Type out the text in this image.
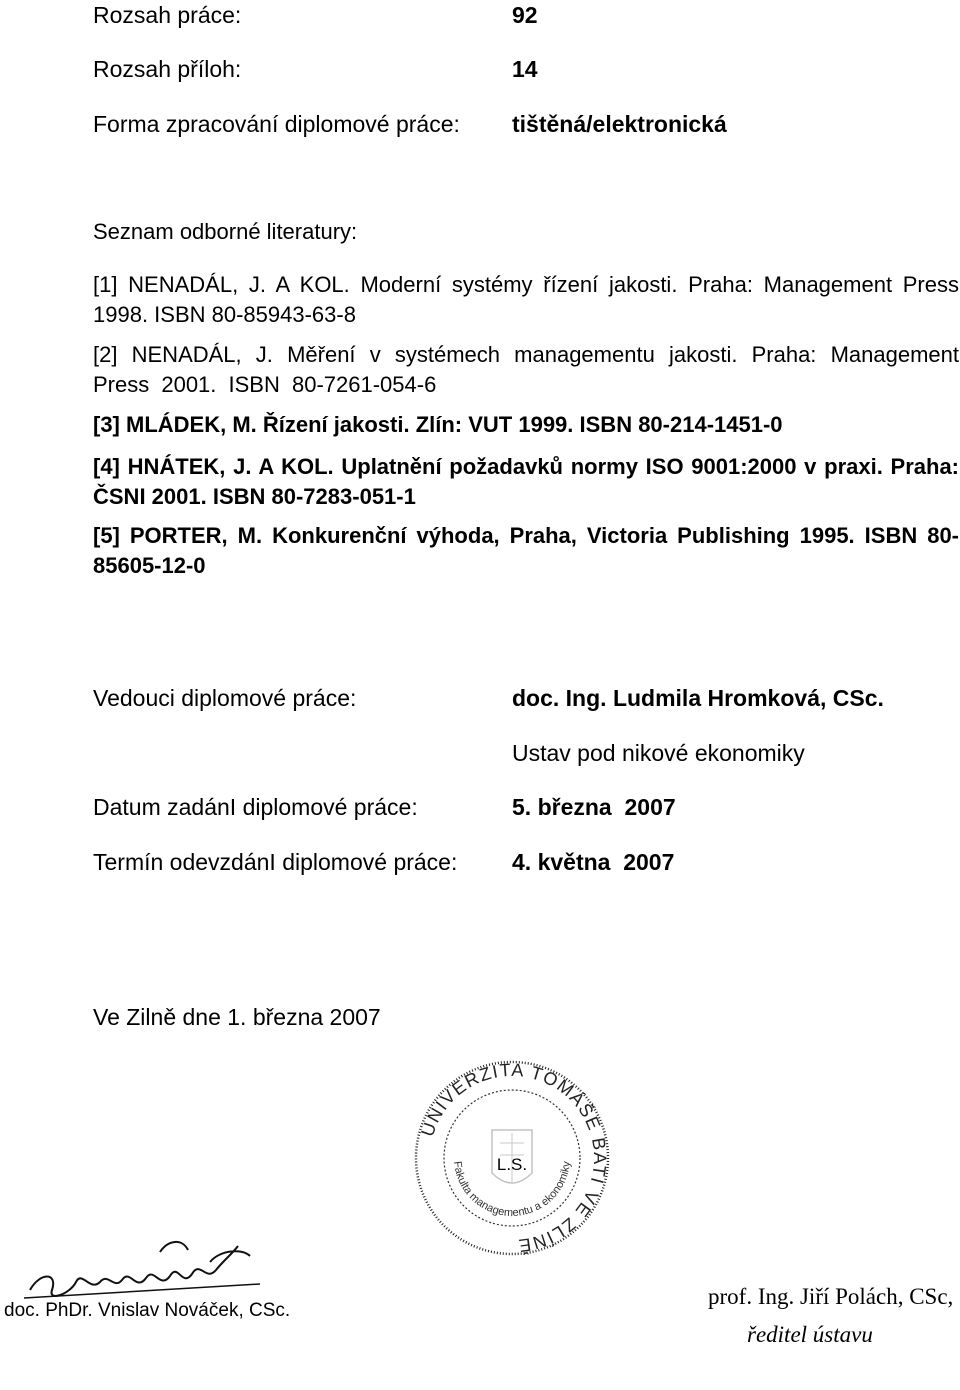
Rozsah práce:	92
Rozsah příloh:	14
Forma zpracování diplomové práce: tištěná/elektronická
Seznam odborné literatury:
[1] NENADÁL, J. A KOL. Moderní systémy řízení jakosti. Praha: Management Press 1998. ISBN 80-85943-63-8
[2] NENADÁL, J. Měření v systémech managementu jakosti. Praha: Management Press 2001. ISBN 80-7261-054-6
[3] MLÁDEK, M. Řízení jakosti. Zlín: VUT 1999. ISBN 80-214-1451-0
[4] HNÁTEK, J. A KOL. Uplatnění požadavků normy ISO 9001:2000 v praxi. Praha: ČSNI 2001. ISBN 80-7283-051-1
[5] PORTER, M. Konkurenční výhoda, Praha, Victoria Publishing 1995. ISBN 80-85605-12-0
Vedouci diplomové práce:	doc. Ing. Ludmila Hromková, CSc.
Ustav pod nikové ekonomiky
Datum zadánI diplomové práce:	5. března  2007
Termín odevzdánI diplomové práce: 4. května  2007
Ve Zilně dne 1. března 2007
UNIVERZITA TOMÁŠE BATI VE ZLÍNĚ
Fakulta managementu a ekonomiky
L.S.
doc. PhDr. Vnislav Nováček, CSc.
prof. Ing. Jiří Polách, CSc,
ředitel ústavu
